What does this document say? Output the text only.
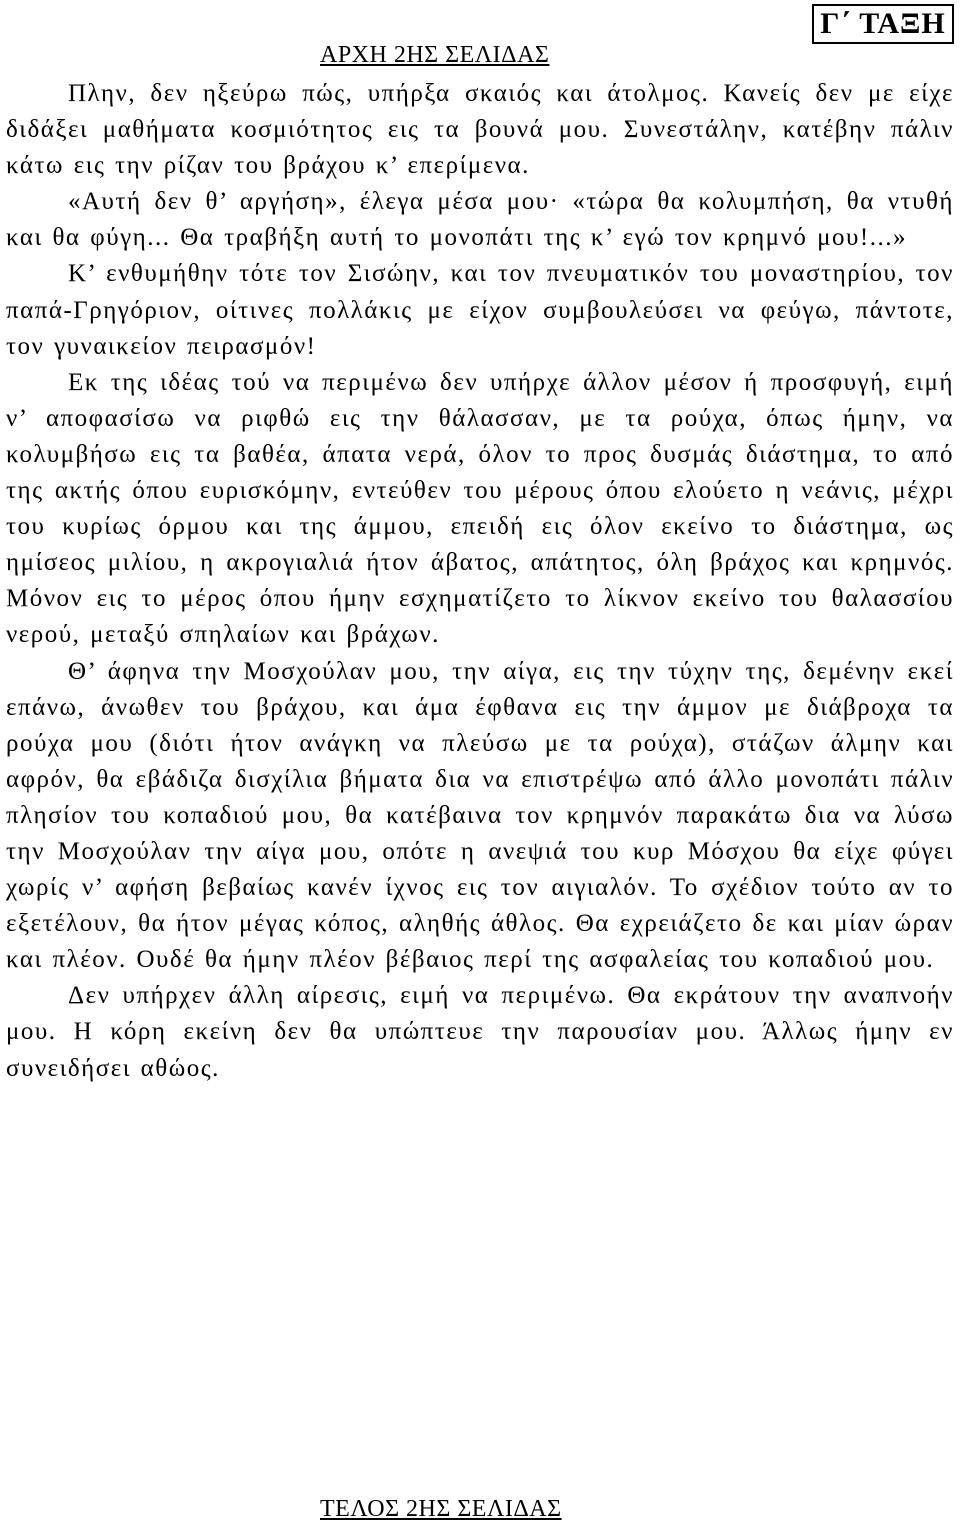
Γ΄ ΤΑΞΗ
ΑΡΧΗ 2ΗΣ ΣΕΛΙΔΑΣ

Πλην, δεν ηξεύρω πώς, υπήρξα σκαιός και άτολμος. Κανείς δεν με είχε διδάξει μαθήματα κοσμιότητος εις τα βουνά μου. Συνεστάλην, κατέβην πάλιν κάτω εις την ρίζαν του βράχου κ’ επερίμενα.

«Αυτή δεν θ’ αργήση», έλεγα μέσα μου· «τώρα θα κολυμπήση, θα ντυθή και θα φύγη... Θα τραβήξη αυτή το μονοπάτι της κ’ εγώ τον κρημνό μου!...»

Κ’ ενθυμήθην τότε τον Σισώην, και τον πνευματικόν του μοναστηρίου, τον παπά-Γρηγόριον, οίτινες πολλάκις με είχον συμβουλεύσει να φεύγω, πάντοτε, τον γυναικείον πειρασμόν!

Εκ της ιδέας τού να περιμένω δεν υπήρχε άλλον μέσον ή προσφυγή, ειμή ν’ αποφασίσω να ριφθώ εις την θάλασσαν, με τα ρούχα, όπως ήμην, να κολυμβήσω εις τα βαθέα, άπατα νερά, όλον το προς δυσμάς διάστημα, το από της ακτής όπου ευρισκόμην, εντεύθεν του μέρους όπου ελούετο η νεάνις, μέχρι του κυρίως όρμου και της άμμου, επειδή εις όλον εκείνο το διάστημα, ως ημίσεος μιλίου, η ακρογιαλιά ήτον άβατος, απάτητος, όλη βράχος και κρημνός. Μόνον εις το μέρος όπου ήμην εσχηματίζετο το λίκνον εκείνο του θαλασσίου νερού, μεταξύ σπηλαίων και βράχων.

Θ’ άφηνα την Μοσχούλαν μου, την αίγα, εις την τύχην της, δεμένην εκεί επάνω, άνωθεν του βράχου, και άμα έφθανα εις την άμμον με διάβροχα τα ρούχα μου (διότι ήτον ανάγκη να πλεύσω με τα ρούχα), στάζων άλμην και αφρόν, θα εβάδιζα δισχίλια βήματα δια να επιστρέψω από άλλο μονοπάτι πάλιν πλησίον του κοπαδιού μου, θα κατέβαινα τον κρημνόν παρακάτω δια να λύσω την Μοσχούλαν την αίγα μου, οπότε η ανεψιά του κυρ Μόσχου θα είχε φύγει χωρίς ν’ αφήση βεβαίως κανέν ίχνος εις τον αιγιαλόν. Το σχέδιον τούτο αν το εξετέλουν, θα ήτον μέγας κόπος, αληθής άθλος. Θα εχρειάζετο δε και μίαν ώραν και πλέον. Ουδέ θα ήμην πλέον βέβαιος περί της ασφαλείας του κοπαδιού μου.

Δεν υπήρχεν άλλη αίρεσις, ειμή να περιμένω. Θα εκράτουν την αναπνοήν μου. Η κόρη εκείνη δεν θα υπώπτευε την παρουσίαν μου. Άλλως ήμην εν συνειδήσει αθώος.

ΤΕΛΟΣ 2ΗΣ ΣΕΛΙΔΑΣ
